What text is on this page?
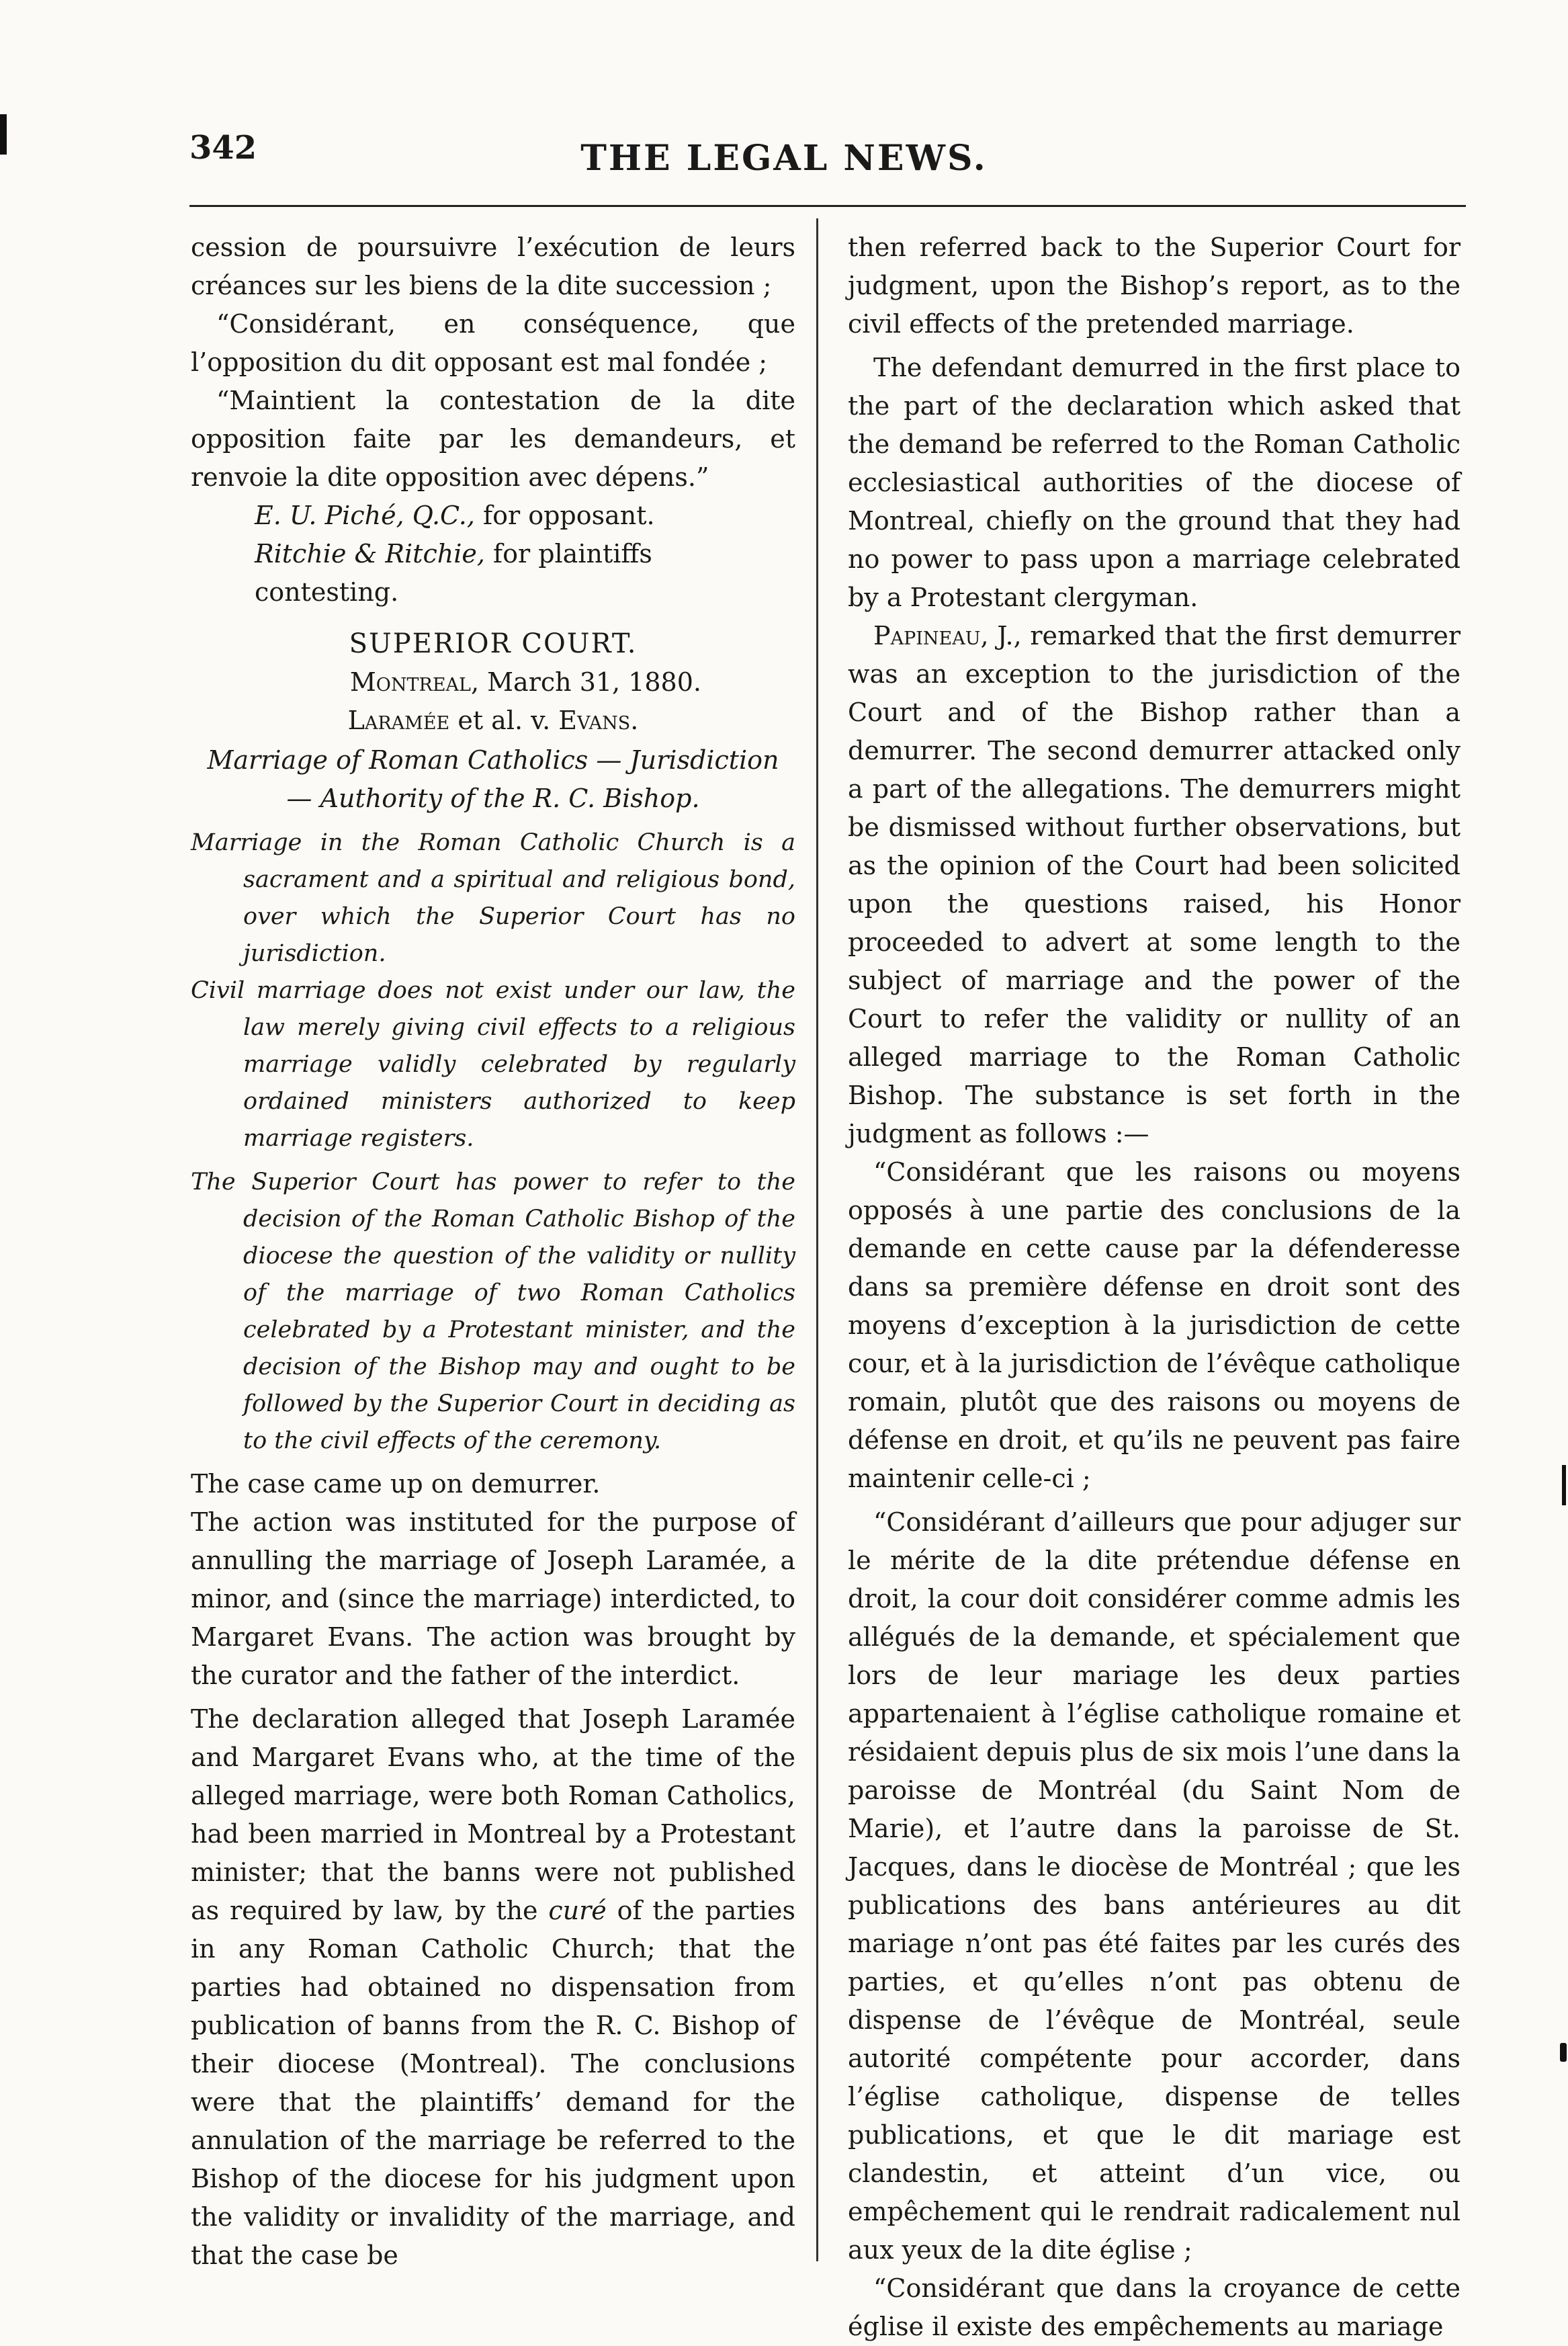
342	THE LEGAL NEWS.

cession de poursuivre l’exécution de leurs créances sur les biens de la dite succession ;

“Considérant, en conséquence, que l’opposition du dit opposant est mal fondée ;

“Maintient la contestation de la dite opposition faite par les demandeurs, et renvoie la dite opposition avec dépens.”

E. U. Piché, Q.C., for opposant.

Ritchie & Ritchie, for plaintiffs contesting.

SUPERIOR COURT.

Montreal, March 31, 1880.

Laramée et al. v. Evans.

Marriage of Roman Catholics — Jurisdiction — Authority of the R. C. Bishop.

Marriage in the Roman Catholic Church is a sacrament and a spiritual and religious bond, over which the Superior Court has no jurisdiction.

Civil marriage does not exist under our law, the law merely giving civil effects to a religious marriage validly celebrated by regularly ordained ministers authorized to keep marriage registers.

The Superior Court has power to refer to the decision of the Roman Catholic Bishop of the diocese the question of the validity or nullity of the marriage of two Roman Catholics celebrated by a Protestant minister, and the decision of the Bishop may and ought to be followed by the Superior Court in deciding as to the civil effects of the ceremony.

The case came up on demurrer.

The action was instituted for the purpose of annulling the marriage of Joseph Laramée, a minor, and (since the marriage) interdicted, to Margaret Evans. The action was brought by the curator and the father of the interdict.

The declaration alleged that Joseph Laramée and Margaret Evans who, at the time of the alleged marriage, were both Roman Catholics, had been married in Montreal by a Protestant minister; that the banns were not published as required by law, by the curé of the parties in any Roman Catholic Church; that the parties had obtained no dispensation from publication of banns from the R. C. Bishop of their diocese (Montreal). The conclusions were that the plaintiffs’ demand for the annulation of the marriage be referred to the Bishop of the diocese for his judgment upon the validity or invalidity of the marriage, and that the case be

then referred back to the Superior Court for judgment, upon the Bishop’s report, as to the civil effects of the pretended marriage.

The defendant demurred in the first place to the part of the declaration which asked that the demand be referred to the Roman Catholic ecclesiastical authorities of the diocese of Montreal, chiefly on the ground that they had no power to pass upon a marriage celebrated by a Protestant clergyman.

Papineau, J., remarked that the first demurrer was an exception to the jurisdiction of the Court and of the Bishop rather than a demurrer. The second demurrer attacked only a part of the allegations. The demurrers might be dismissed without further observations, but as the opinion of the Court had been solicited upon the questions raised, his Honor proceeded to advert at some length to the subject of marriage and the power of the Court to refer the validity or nullity of an alleged marriage to the Roman Catholic Bishop. The substance is set forth in the judgment as follows :—

“Considérant que les raisons ou moyens opposés à une partie des conclusions de la demande en cette cause par la défenderesse dans sa première défense en droit sont des moyens d’exception à la jurisdiction de cette cour, et à la jurisdiction de l’évêque catholique romain, plutôt que des raisons ou moyens de défense en droit, et qu’ils ne peuvent pas faire maintenir celle-ci ;

“Considérant d’ailleurs que pour adjuger sur le mérite de la dite prétendue défense en droit, la cour doit considérer comme admis les allégués de la demande, et spécialement que lors de leur mariage les deux parties appartenaient à l’église catholique romaine et résidaient depuis plus de six mois l’une dans la paroisse de Montréal (du Saint Nom de Marie), et l’autre dans la paroisse de St. Jacques, dans le diocèse de Montréal ; que les publications des bans antérieures au dit mariage n’ont pas été faites par les curés des parties, et qu’elles n’ont pas obtenu de dispense de l’évêque de Montréal, seule autorité compétente pour accorder, dans l’église catholique, dispense de telles publications, et que le dit mariage est clandestin, et atteint d’un vice, ou empêchement qui le rendrait radicalement nul aux yeux de la dite église ;

“Considérant que dans la croyance de cette église il existe des empêchements au mariage
